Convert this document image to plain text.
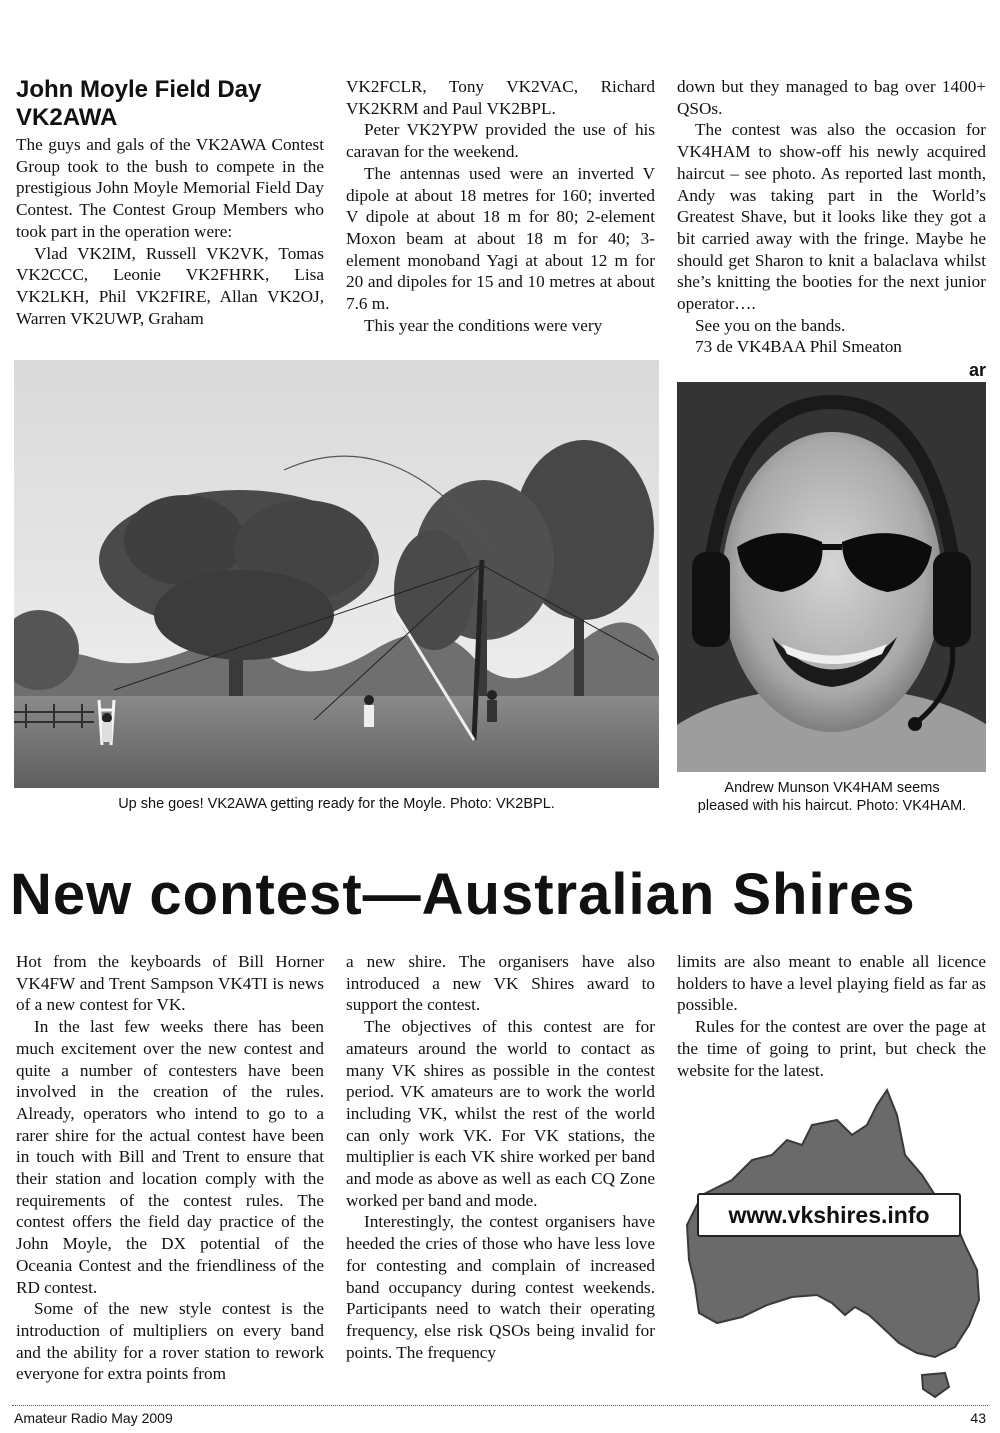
John Moyle Field Day
VK2AWA

The guys and gals of the VK2AWA Contest Group took to the bush to compete in the prestigious John Moyle Memorial Field Day Contest. The Contest Group Members who took part in the operation were:

Vlad VK2IM, Russell VK2VK, Tomas VK2CCC, Leonie VK2FHRK, Lisa VK2LKH, Phil VK2FIRE, Allan VK2OJ, Warren VK2UWP, Graham

VK2FCLR, Tony VK2VAC, Richard VK2KRM and Paul VK2BPL.

Peter VK2YPW provided the use of his caravan for the weekend.

The antennas used were an inverted V dipole at about 18 metres for 160; inverted V dipole at about 18 m for 80; 2-element Moxon beam at about 18 m for 40; 3-element monoband Yagi at about 12 m for 20 and dipoles for 15 and 10 metres at about 7.6 m.

This year the conditions were very

down but they managed to bag over 1400+ QSOs.

The contest was also the occasion for VK4HAM to show-off his newly acquired haircut – see photo. As reported last month, Andy was taking part in the World’s Greatest Shave, but it looks like they got a bit carried away with the fringe. Maybe he should get Sharon to knit a balaclava whilst she’s knitting the booties for the next junior operator….

See you on the bands.

73 de VK4BAA Phil Smeaton

ar
Up she goes! VK2AWA getting ready for the Moyle. Photo: VK2BPL.
Andrew Munson VK4HAM seems
pleased with his haircut. Photo: VK4HAM.
New contest—Australian Shires

Hot from the keyboards of Bill Horner VK4FW and Trent Sampson VK4TI is news of a new contest for VK.

In the last few weeks there has been much excitement over the new contest and quite a number of contesters have been involved in the creation of the rules. Already, operators who intend to go to a rarer shire for the actual contest have been in touch with Bill and Trent to ensure that their station and location comply with the requirements of the contest rules. The contest offers the field day practice of the John Moyle, the DX potential of the Oceania Contest and the friendliness of the RD contest.

Some of the new style contest is the introduction of multipliers on every band and the ability for a rover station to rework everyone for extra points from

a new shire. The organisers have also introduced a new VK Shires award to support the contest.

The objectives of this contest are for amateurs around the world to contact as many VK shires as possible in the contest period. VK amateurs are to work the world including VK, whilst the rest of the world can only work VK. For VK stations, the multiplier is each VK shire worked per band and mode as above as well as each CQ Zone worked per band and mode.

Interestingly, the contest organisers have heeded the cries of those who have less love for contesting and complain of increased band occupancy during contest weekends. Participants need to watch their operating frequency, else risk QSOs being invalid for points. The frequency

limits are also meant to enable all licence holders to have a level playing field as far as possible.

Rules for the contest are over the page at the time of going to print, but check the website for the latest.

www.vkshires.info
Amateur Radio May 2009	43
